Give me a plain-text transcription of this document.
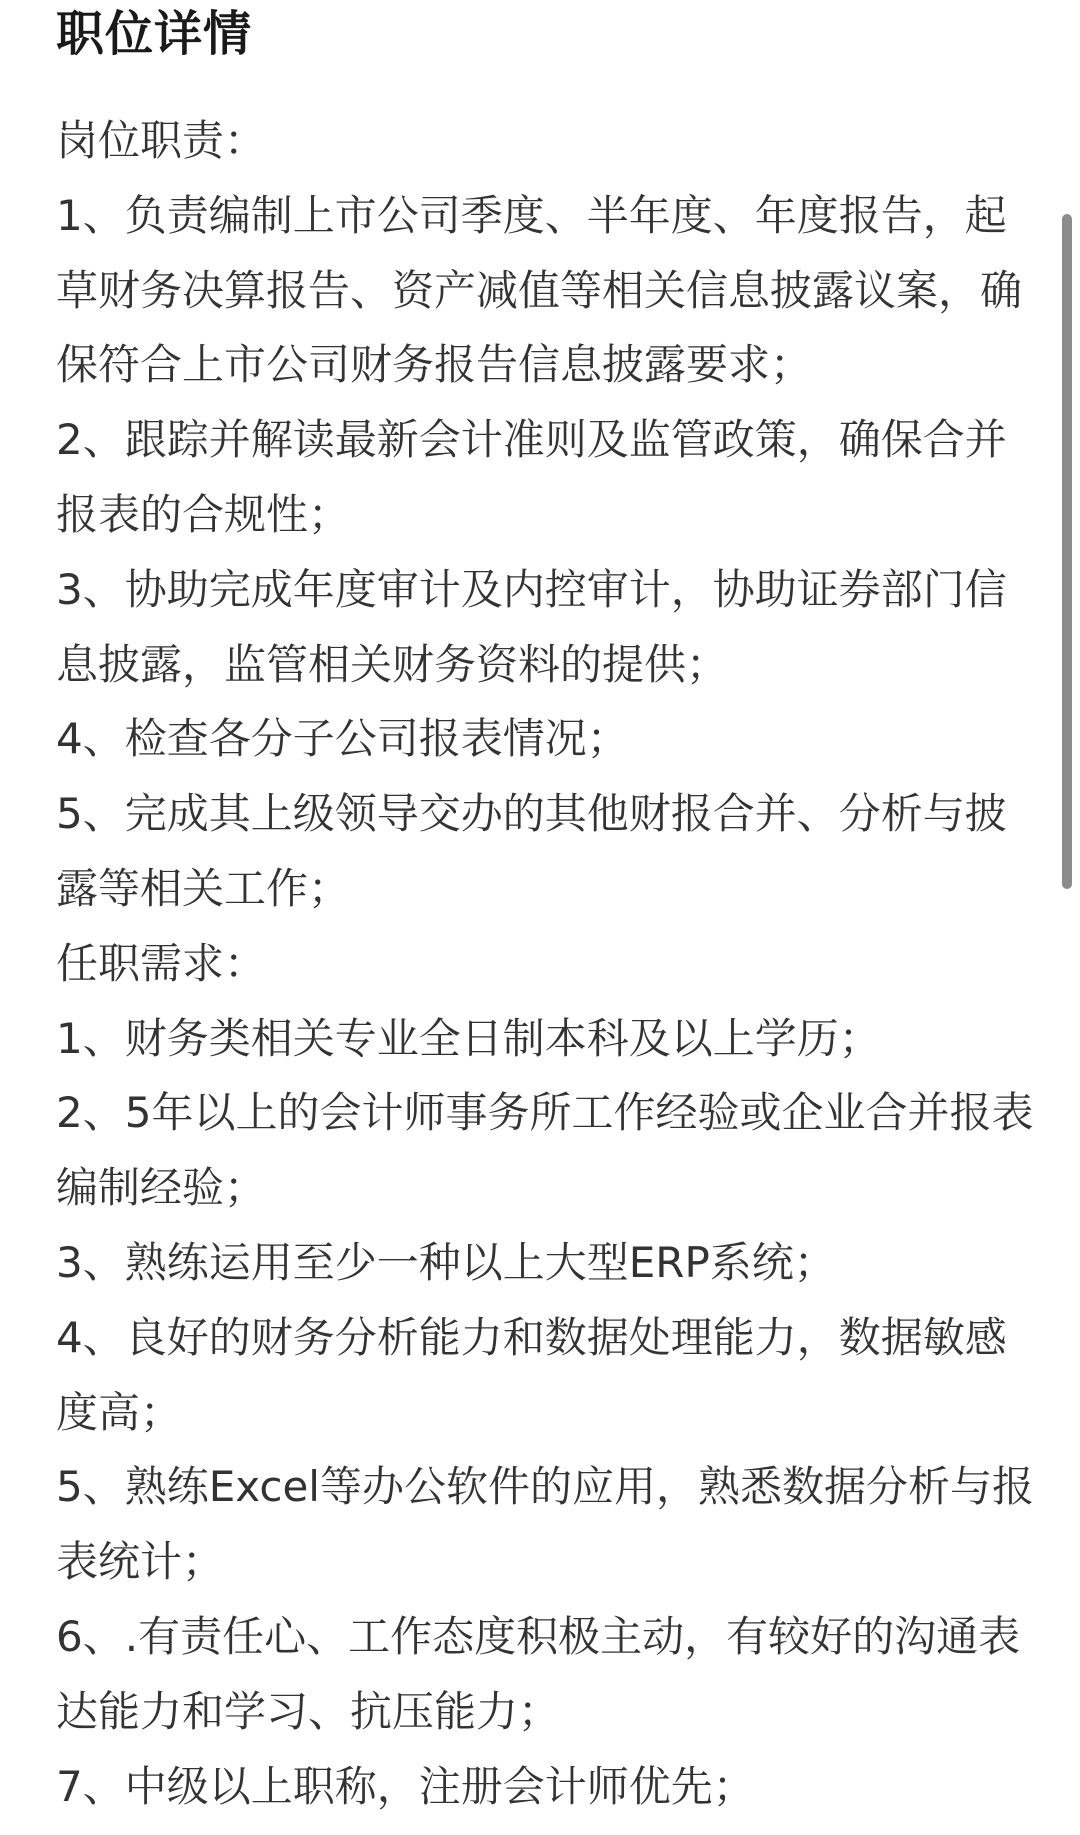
职位详情
岗位职责：
1、负责编制上市公司季度、半年度、年度报告，起
草财务决算报告、资产减值等相关信息披露议案，确
保符合上市公司财务报告信息披露要求；
2、跟踪并解读最新会计准则及监管政策，确保合并
报表的合规性；
3、协助完成年度审计及内控审计，协助证券部门信
息披露，监管相关财务资料的提供；
4、检查各分子公司报表情况；
5、完成其上级领导交办的其他财报合并、分析与披
露等相关工作；
任职需求：
1、财务类相关专业全日制本科及以上学历；
2、5年以上的会计师事务所工作经验或企业合并报表
编制经验；
3、熟练运用至少一种以上大型ERP系统；
4、良好的财务分析能力和数据处理能力，数据敏感
度高；
5、熟练Excel等办公软件的应用，熟悉数据分析与报
表统计；
6、.有责任心、工作态度积极主动，有较好的沟通表
达能力和学习、抗压能力；
7、中级以上职称，注册会计师优先；
